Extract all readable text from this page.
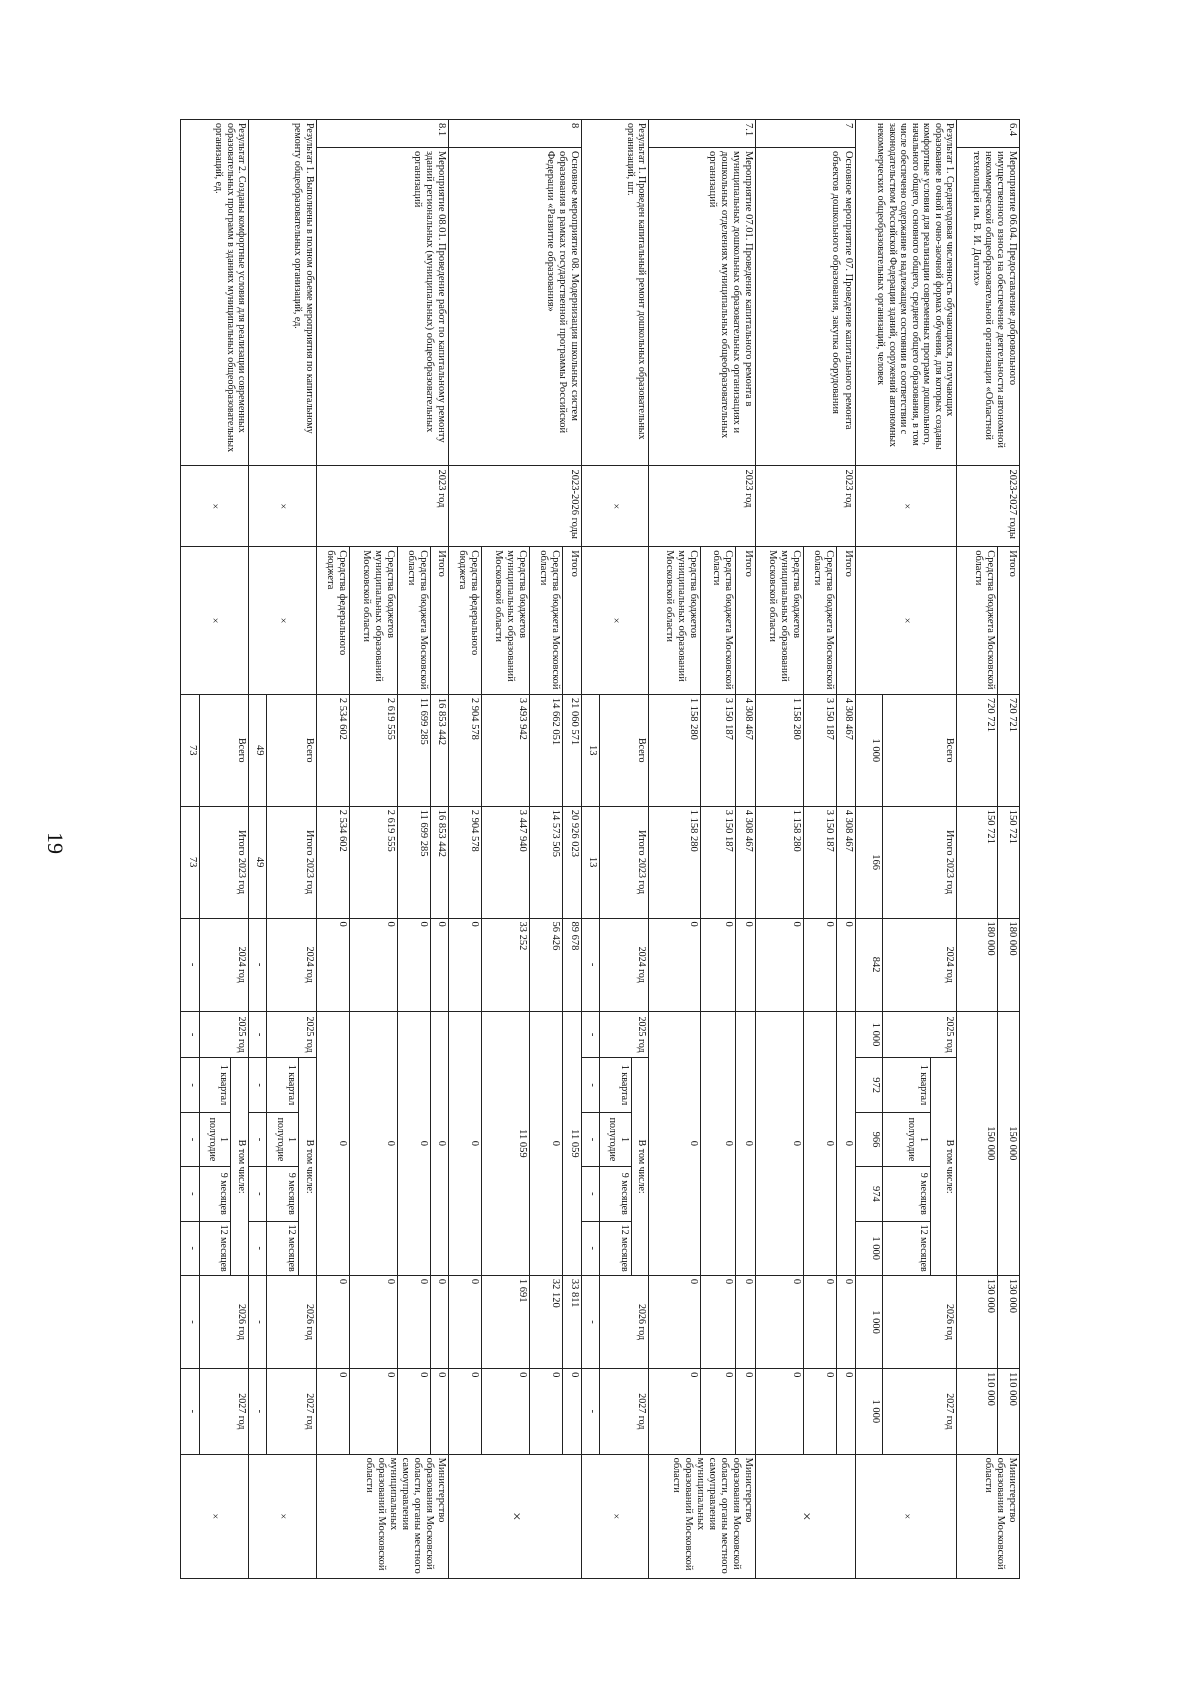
19
6.4	Мероприятие 06.04. Предоставление добровольного имущественного взноса на обеспечение деятельности автономной некоммерческой общеобразовательной организации «Областной технолицей им. В. И. Долгих»	2023-2027 годы	Итого	720 721	150 721	180 000	150 000					130 000	110 000	Министерство образования Московской области
			Средства бюджета Московской области	720 721	150 721	180 000	150 000					130 000	110 000	
Результат 1. Среднегодовая численность обучающихся, получающих образование в очной и очно-заочной формах обучения, для которых созданы комфортные условия для реализации современных программ дошкольного, начального общего, основного общего, среднего общего образования, в том числе обеспечено содержание в надлежащем состоянии в соответствии с законодательством Российской Федерации зданий, сооружений автономных некоммерческих общеобразовательных организаций, человек		×	×	Всего	Итого 2023 год	2024 год	2025 год	В том числе:				2026 год	2027 год	×
								1 квартал	1 полугодие	9 месяцев	12 месяцев			
				1 000	166	842	1 000	972	966	974	1 000	1 000	1 000	
7	Основное мероприятие 07. Проведение капитального ремонта объектов дошкольного образования, закупка оборудования	2023 год	Итого	4 308 467	4 308 467	0	0					0	0	×
			Средства бюджета Московской области	3 150 187	3 150 187	0	0					0	0	
			Средства бюджетов муниципальных образований Московской области	1 158 280	1 158 280	0	0					0	0	
7.1	Мероприятие 07.01. Проведение капитального ремонта в муниципальных дошкольных образовательных организациях и дошкольных отделениях муниципальных общеобразовательных организаций	2023 год	Итого	4 308 467	4 308 467	0	0					0	0	Министерство образования Московской области, органы местного самоуправления муниципальных образований Московской области
			Средства бюджета Московской области	3 150 187	3 150 187	0	0					0	0	
			Средства бюджетов муниципальных образований Московской области	1 158 280	1 158 280	0	0					0	0	
Результат 1. Проведен капитальный ремонт дошкольных образовательных организаций, шт.		×	×	Всего	Итого 2023 год	2024 год	2025 год	В том числе:				2026 год	2027 год	×
								1 квартал	1 полугодие	9 месяцев	12 месяцев			
				13	13	-	-	-	-	-	-	-	-	
8	Основное мероприятие 08. Модернизация школьных систем образования в рамках государственной программы Российской Федерации «Развитие образования»	2023-2026 годы	Итого	21 060 571	20 926 023	89 678	11 059					33 811	0	×
			Средства бюджета Московской области	14 662 051	14 573 505	56 426	0					32 120	0	
			Средства бюджетов муниципальных образований Московской области	3 493 942	3 447 940	33 252	11 059					1 691	0	
			Средства федерального бюджета	2 904 578	2 904 578	0	0					0	0	
8.1	Мероприятие 08.01. Проведение работ по капитальному ремонту зданий региональных (муниципальных) общеобразовательных организаций	2023 год	Итого	16 853 442	16 853 442	0	0					0	0	Министерство образования Московской области, органы местного самоуправления муниципальных образований Московской области
			Средства бюджета Московской области	11 699 285	11 699 285	0	0					0	0	
			Средства бюджетов муниципальных образований Московской области	2 619 555	2 619 555	0	0					0	0	
			Средства федерального бюджета	2 534 602	2 534 602	0	0					0	0	
Результат 1. Выполнены в полном объеме мероприятия по капитальному ремонту общеобразовательных организаций, ед.		×	×	Всего	Итого 2023 год	2024 год	2025 год	В том числе:				2026 год	2027 год	×
								1 квартал	1 полугодие	9 месяцев	12 месяцев			
				49	49	-	-	-	-	-	-	-	-	
Результат 2. Созданы комфортные условия для реализации современных образовательных программ в зданиях муниципальных общеобразовательных организаций, ед.		×	×	Всего	Итого 2023 год	2024 год	2025 год	В том числе:				2026 год	2027 год	×
								1 квартал	1 полугодие	9 месяцев	12 месяцев			
				73	73	-	-	-	-	-	-	-	-	
